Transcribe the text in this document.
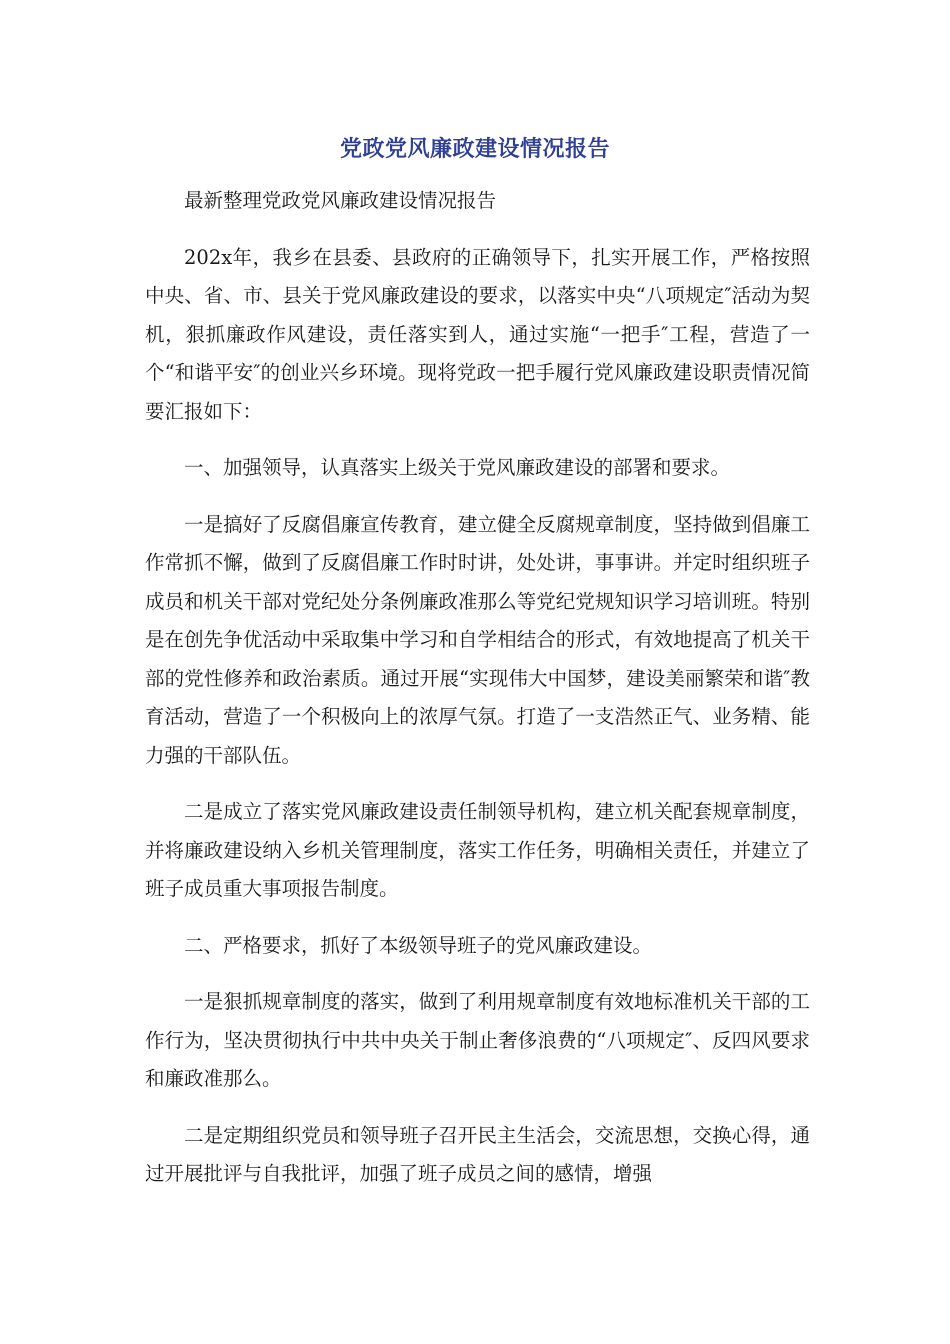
党政党风廉政建设情况报告

最新整理党政党风廉政建设情况报告

202x年，我乡在县委、县政府的正确领导下，扎实开展工作，严格按照中央、省、市、县关于党风廉政建设的要求，以落实中央“八项规定″活动为契机，狠抓廉政作风建设，责任落实到人，通过实施“一把手″工程，营造了一个“和谐平安″的创业兴乡环境。现将党政一把手履行党风廉政建设职责情况简要汇报如下：

一、加强领导，认真落实上级关于党风廉政建设的部署和要求。

一是搞好了反腐倡廉宣传教育，建立健全反腐规章制度，坚持做到倡廉工作常抓不懈，做到了反腐倡廉工作时时讲，处处讲，事事讲。并定时组织班子成员和机关干部对党纪处分条例廉政准那么等党纪党规知识学习培训班。特别是在创先争优活动中采取集中学习和自学相结合的形式，有效地提高了机关干部的党性修养和政治素质。通过开展“实现伟大中国梦，建设美丽繁荣和谐″教育活动，营造了一个积极向上的浓厚气氛。打造了一支浩然正气、业务精、能力强的干部队伍。

二是成立了落实党风廉政建设责任制领导机构，建立机关配套规章制度，并将廉政建设纳入乡机关管理制度，落实工作任务，明确相关责任，并建立了班子成员重大事项报告制度。

二、严格要求，抓好了本级领导班子的党风廉政建设。

一是狠抓规章制度的落实，做到了利用规章制度有效地标准机关干部的工作行为，坚决贯彻执行中共中央关于制止奢侈浪费的“八项规定″、反四风要求和廉政准那么。

二是定期组织党员和领导班子召开民主生活会，交流思想，交换心得，通过开展批评与自我批评，加强了班子成员之间的感情，增强
